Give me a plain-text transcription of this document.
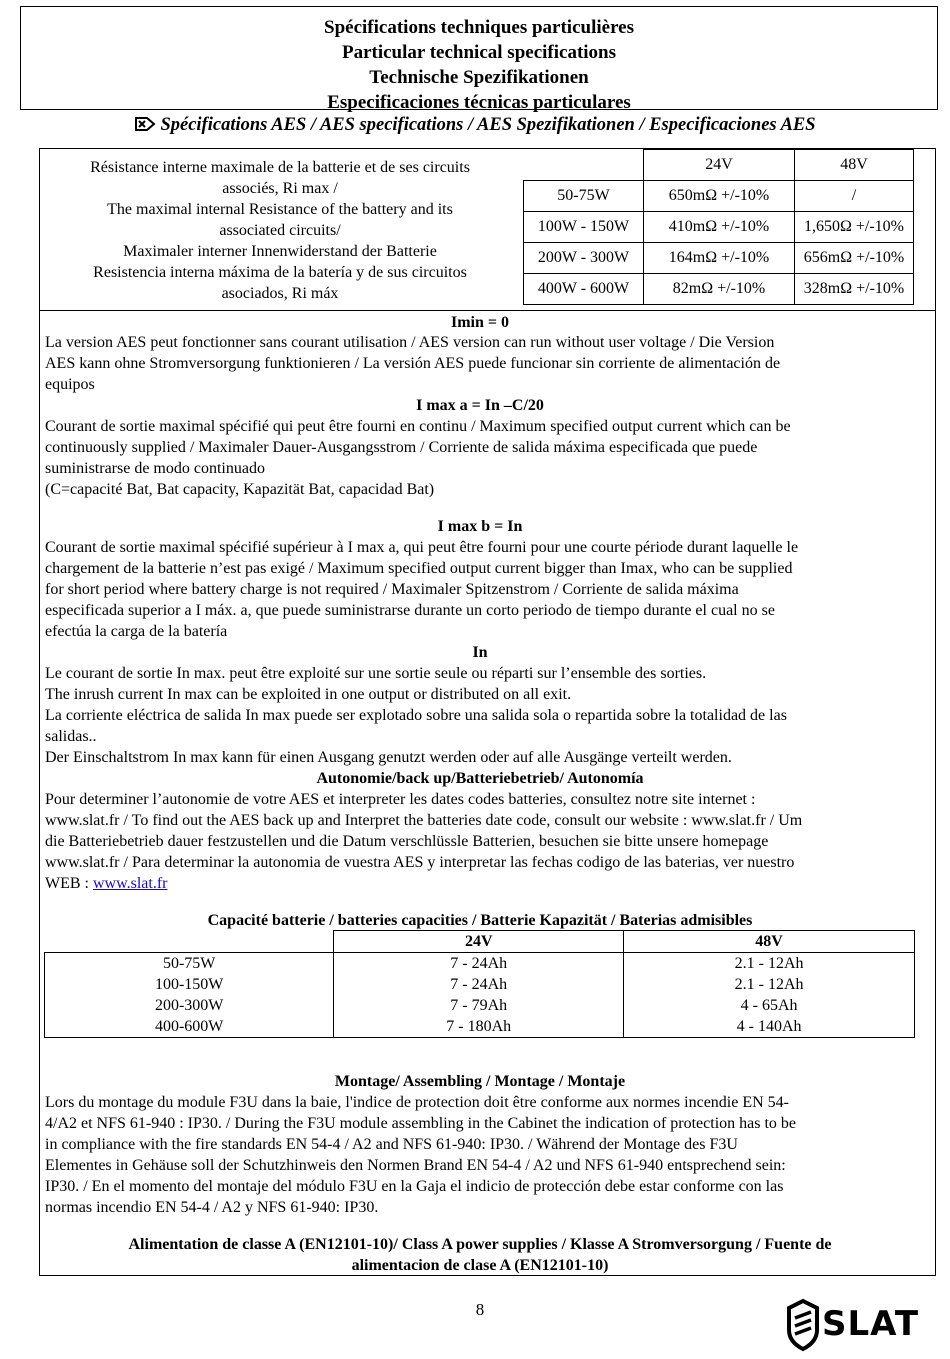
Spécifications techniques particulières
Particular technical specifications
Technische Spezifikationen
Especificaciones técnicas particulares
Spécifications AES / AES specifications / AES Spezifikationen / Especificaciones AES
Résistance interne maximale de la batterie et de ses circuits
associés, Ri max /
The maximal internal Resistance of the battery and its
associated circuits/
Maximaler interner Innenwiderstand der Batterie
Resistencia interna máxima de la batería y de sus circuitos
asociados, Ri máx
	24V	48V
50-75W	650mΩ +/-10%	/
100W - 150W	410mΩ +/-10%	1,650Ω +/-10%
200W - 300W	164mΩ +/-10%	656mΩ +/-10%
400W - 600W	82mΩ +/-10%	328mΩ +/-10%
Imin = 0
La version AES peut fonctionner sans courant utilisation / AES version can run without user voltage / Die Version
AES kann ohne Stromversorgung funktionieren / La versión AES puede funcionar sin corriente de alimentación de
equipos
I max a = In –C/20
Courant de sortie maximal spécifié qui peut être fourni en continu / Maximum specified output current which can be
continuously supplied / Maximaler Dauer-Ausgangsstrom / Corriente de salida máxima especificada que puede
suministrarse de modo continuado
(C=capacité Bat, Bat capacity, Kapazität Bat, capacidad Bat)
I max b = In
Courant de sortie maximal spécifié supérieur à I max a, qui peut être fourni pour une courte période durant laquelle le
chargement de la batterie n’est pas exigé / Maximum specified output current bigger than Imax, who can be supplied
for short period where battery charge is not required / Maximaler Spitzenstrom / Corriente de salida máxima
especificada superior a I máx. a, que puede suministrarse durante un corto periodo de tiempo durante el cual no se
efectúa la carga de la batería
In
Le courant de sortie In max. peut être exploité sur une sortie seule ou réparti sur l’ensemble des sorties.
The inrush current In max can be exploited in one output or distributed on all exit.
La corriente eléctrica de salida In max puede ser explotado sobre una salida sola o repartida sobre la totalidad de las
salidas..
Der Einschaltstrom In max kann für einen Ausgang genutzt werden oder auf alle Ausgänge verteilt werden.
Autonomie/back up/Batteriebetrieb/ Autonomía
Pour determiner l’autonomie de votre AES et interpreter les dates codes batteries, consultez notre site internet :
www.slat.fr / To find out the AES back up and Interpret the batteries date code, consult our website : www.slat.fr / Um
die Batteriebetrieb dauer festzustellen und die Datum verschlüssle Batterien, besuchen sie bitte unsere homepage
www.slat.fr / Para determinar la autonomia de vuestra AES y interpretar las fechas codigo de las baterias, ver nuestro
WEB : www.slat.fr
Capacité batterie / batteries capacities / Batterie Kapazität / Baterias admisibles
	24V	48V
50-75W	7 - 24Ah	2.1 - 12Ah
100-150W	7 - 24Ah	2.1 - 12Ah
200-300W	7 - 79Ah	4 - 65Ah
400-600W	7 - 180Ah	4 - 140Ah
Montage/ Assembling / Montage / Montaje
Lors du montage du module F3U dans la baie, l'indice de protection doit être conforme aux normes incendie EN 54-
4/A2 et NFS 61-940 : IP30. / During the F3U module assembling in the Cabinet the indication of protection has to be
in compliance with the fire standards EN 54-4 / A2 and NFS 61-940: IP30. / Während der Montage des F3U
Elementes in Gehäuse soll der Schutzhinweis den Normen Brand EN 54-4 / A2 und NFS 61-940 entsprechend sein:
IP30. / En el momento del montaje del módulo F3U en la Gaja el indicio de protección debe estar conforme con las
normas incendio EN 54-4 / A2 y NFS 61-940: IP30.
Alimentation de classe A (EN12101-10)/ Class A power supplies / Klasse A Stromversorgung / Fuente de
alimentacion de clase A (EN12101-10)
8	SLAT
